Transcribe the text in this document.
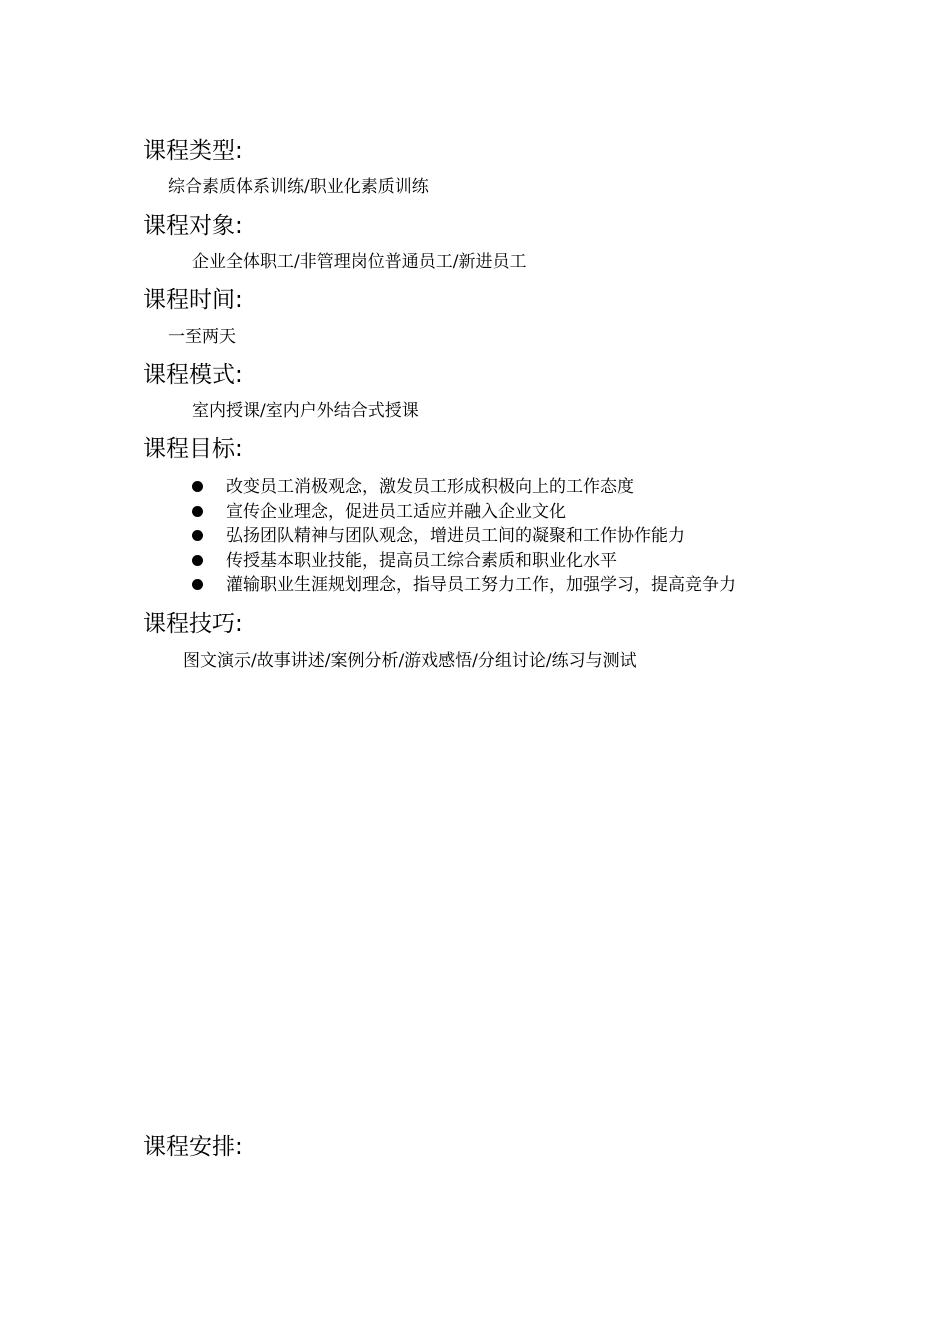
课程类型:
综合素质体系训练/职业化素质训练
课程对象:
企业全体职工/非管理岗位普通员工/新进员工
课程时间:
一至两天
课程模式:
室内授课/室内户外结合式授课
课程目标:
改变员工消极观念，激发员工形成积极向上的工作态度
宣传企业理念，促进员工适应并融入企业文化
弘扬团队精神与团队观念，增进员工间的凝聚和工作协作能力
传授基本职业技能，提高员工综合素质和职业化水平
灌输职业生涯规划理念，指导员工努力工作，加强学习，提高竞争力
课程技巧:
图文演示/故事讲述/案例分析/游戏感悟/分组讨论/练习与测试
课程安排:
